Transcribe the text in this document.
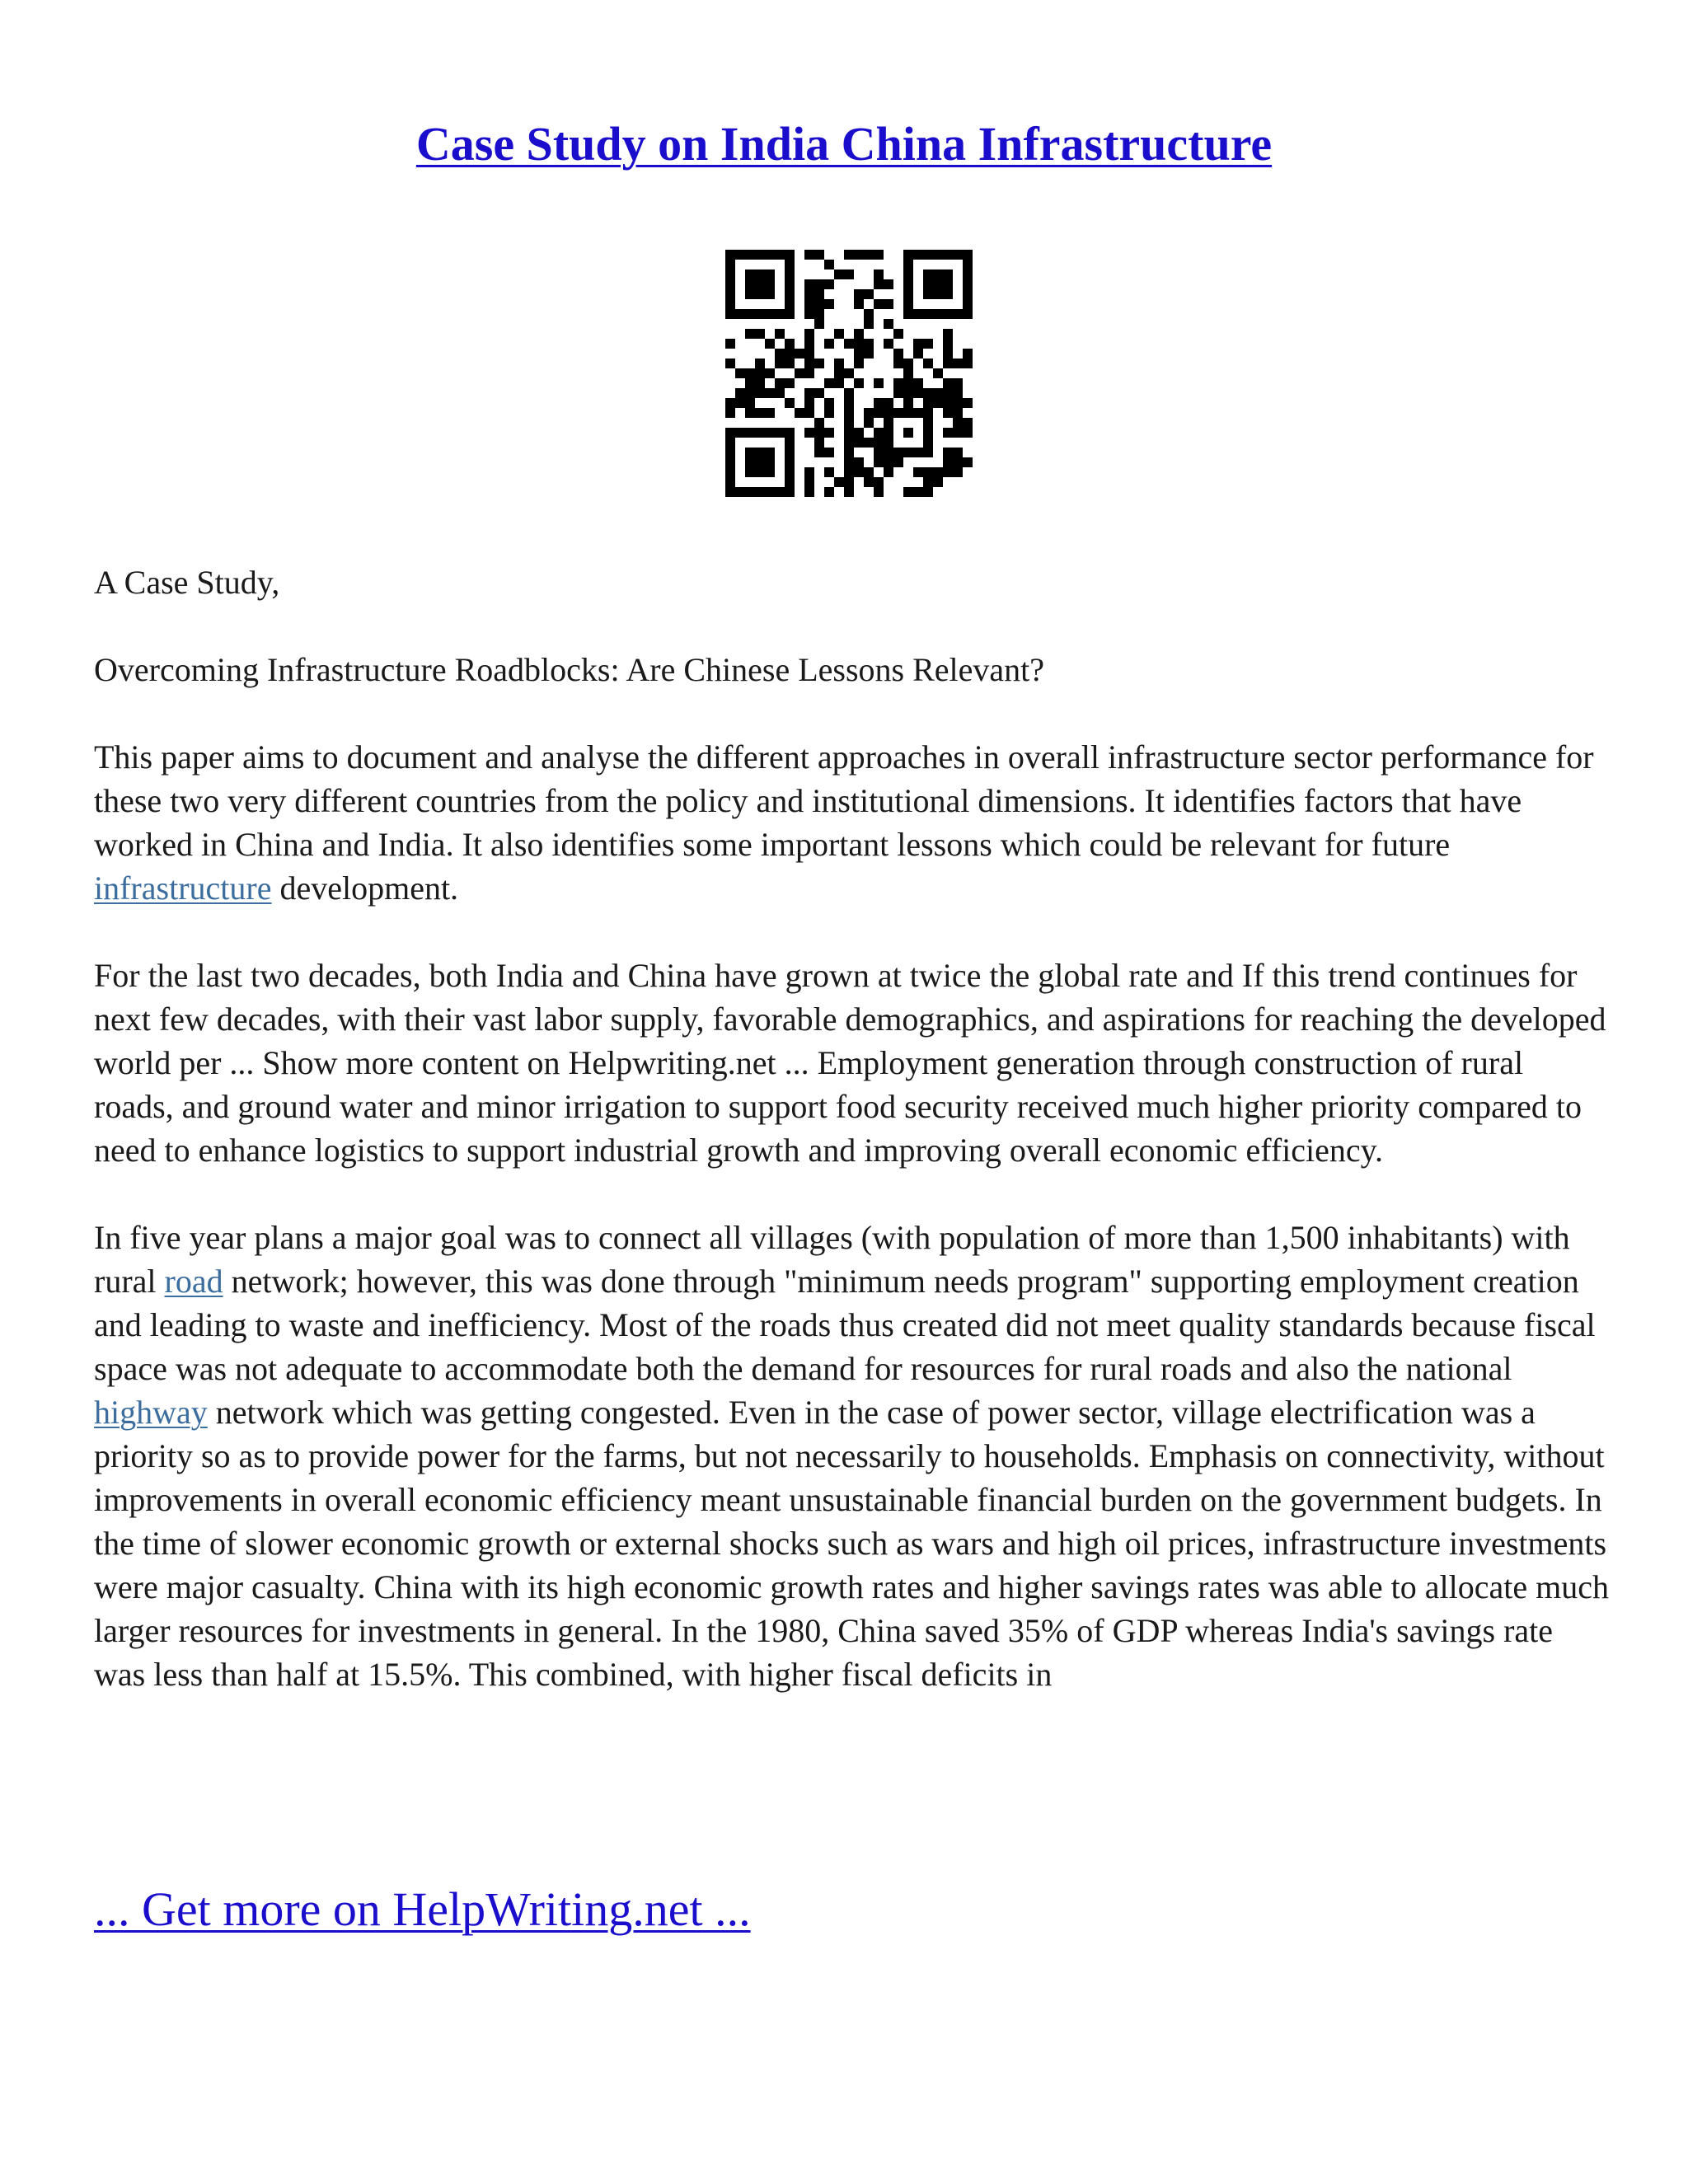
Case Study on India China Infrastructure

A Case Study,

Overcoming Infrastructure Roadblocks: Are Chinese Lessons Relevant?

This paper aims to document and analyse the different approaches in overall infrastructure sector performance for these two very different countries from the policy and institutional dimensions. It identifies factors that have worked in China and India. It also identifies some important lessons which could be relevant for future infrastructure development.

For the last two decades, both India and China have grown at twice the global rate and If this trend continues for next few decades, with their vast labor supply, favorable demographics, and aspirations for reaching the developed world per ... Show more content on Helpwriting.net ... Employment generation through construction of rural roads, and ground water and minor irrigation to support food security received much higher priority compared to need to enhance logistics to support industrial growth and improving overall economic efficiency.

In five year plans a major goal was to connect all villages (with population of more than 1,500 inhabitants) with rural road network; however, this was done through "minimum needs program" supporting employment creation and leading to waste and inefficiency. Most of the roads thus created did not meet quality standards because fiscal space was not adequate to accommodate both the demand for resources for rural roads and also the national highway network which was getting congested. Even in the case of power sector, village electrification was a priority so as to provide power for the farms, but not necessarily to households. Emphasis on connectivity, without improvements in overall economic efficiency meant unsustainable financial burden on the government budgets. In the time of slower economic growth or external shocks such as wars and high oil prices, infrastructure investments were major casualty. China with its high economic growth rates and higher savings rates was able to allocate much larger resources for investments in general. In the 1980, China saved 35% of GDP whereas India's savings rate was less than half at 15.5%. This combined, with higher fiscal deficits in

... Get more on HelpWriting.net ...
